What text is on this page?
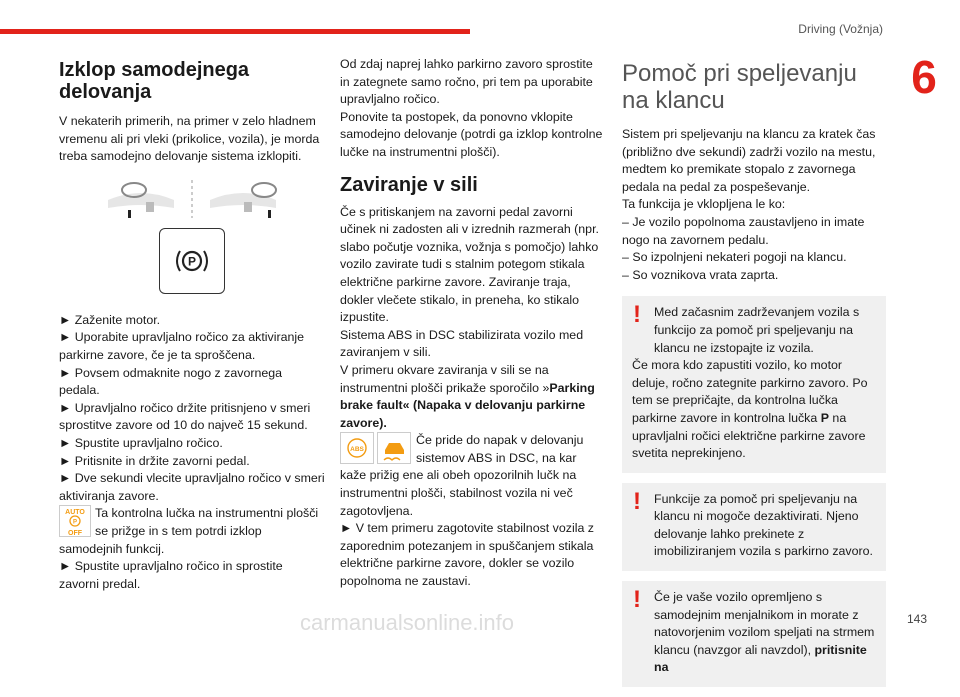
Driving (Vožnja)
6
Izklop samodejnega delovanja

V nekaterih primerih, na primer v zelo hladnem vremenu ali pri vleki (prikolice, vozila), je morda treba samodejno delovanje sistema izklopiti.

P

► Zaženite motor.

► Uporabite upravljalno ročico za aktiviranje parkirne zavore, če je ta sproščena.

► Povsem odmaknite nogo z zavornega pedala.

► Upravljalno ročico držite pritisnjeno v smeri sprostitve zavore od 10 do največ 15 sekund.

► Spustite upravljalno ročico.

► Pritisnite in držite zavorni pedal.

► Dve sekundi vlecite upravljalno ročico v smeri aktiviranja zavore.

AUTO
P
OFF
Ta kontrolna lučka na instrumentni plošči se prižge in s tem potrdi izklop samodejnih funkcij.

► Spustite upravljalno ročico in sprostite zavorni predal.

Od zdaj naprej lahko parkirno zavoro sprostite in zategnete samo ročno, pri tem pa uporabite upravljalno ročico.

Ponovite ta postopek, da ponovno vklopite samodejno delovanje (potrdi ga izklop kontrolne lučke na instrumentni plošči).

Zaviranje v sili

Če s pritiskanjem na zavorni pedal zavorni učinek ni zadosten ali v izrednih razmerah (npr. slabo počutje voznika, vožnja s pomočjo) lahko vozilo zavirate tudi s stalnim potegom stikala električne parkirne zavore. Zaviranje traja, dokler vlečete stikalo, in preneha, ko stikalo izpustite.

Sistema ABS in DSC stabilizirata vozilo med zaviranjem v sili.

V primeru okvare zaviranja v sili se na instrumentni plošči prikaže sporočilo »Parking brake fault« (Napaka v delovanju parkirne zavore).

ABS
Če pride do napak v delovanju sistemov ABS in DSC, na kar kaže prižig ene ali obeh opozorilnih lučk na instrumentni plošči, stabilnost vozila ni več zagotovljena.

► V tem primeru zagotovite stabilnost vozila z zaporednim potezanjem in spuščanjem stikala električne parkirne zavore, dokler se vozilo popolnoma ne zaustavi.

Pomoč pri speljevanju na klancu

Sistem pri speljevanju na klancu za kratek čas (približno dve sekundi) zadrži vozilo na mestu, medtem ko premikate stopalo z zavornega pedala na pedal za pospeševanje.

Ta funkcija je vklopljena le ko:

– Je vozilo popolnoma zaustavljeno in imate nogo na zavornem pedalu.

– So izpolnjeni nekateri pogoji na klancu.

– So voznikova vrata zaprta.

!	Med začasnim zadrževanjem vozila s funkcijo za pomoč pri speljevanju na klancu ne izstopajte iz vozila.

Če mora kdo zapustiti vozilo, ko motor deluje, ročno zategnite parkirno zavoro. Po tem se prepričajte, da kontrolna lučka parkirne zavore in kontrolna lučka P na upravljalni ročici električne parkirne zavore svetita neprekinjeno.

!	Funkcije za pomoč pri speljevanju na klancu ni mogoče dezaktivirati. Njeno delovanje lahko prekinete z imobiliziranjem vozila s parkirno zavoro.

!	Če je vaše vozilo opremljeno s samodejnim menjalnikom in morate z natovorjenim vozilom speljati na strmem klancu (navzgor ali navzdol), pritisnite na

carmanualsonline.info	143
